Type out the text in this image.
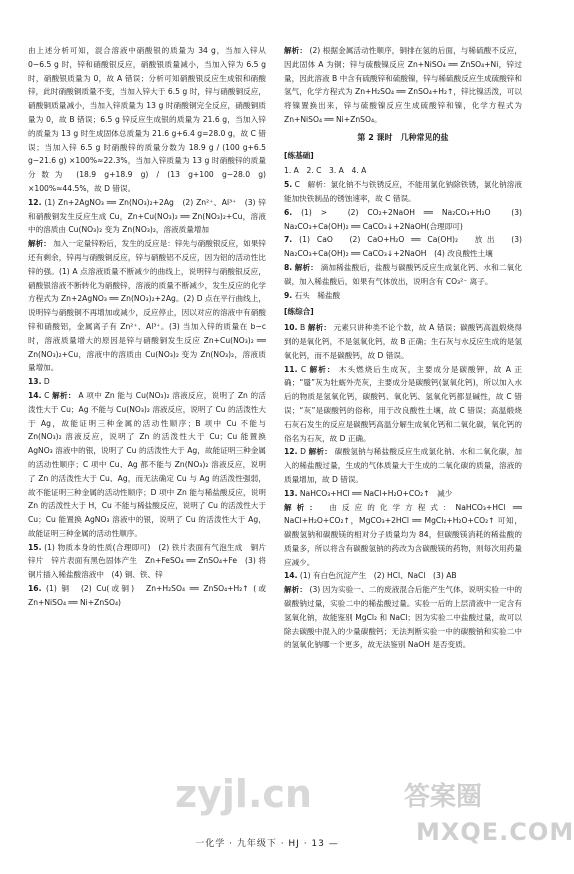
由上述分析可知，混合溶液中硝酸银的质量为 34 g，当加入锌从 0~6.5 g 时，锌和硝酸银反应，硝酸银质量减小，当加入锌为 6.5 g 时，硝酸银质量为 0，故 A 错误；分析可知硝酸银反应生成银和硝酸锌，此时硝酸铜质量不变，当加入锌大于 6.5 g 时，锌与硝酸铜反应，硝酸铜质量减小，当加入锌质量为 13 g 时硝酸铜完全反应，硝酸铜质量为 0，故 B 错误；6.5 g 锌反应生成银的质量为 21.6 g，当加入锌的质量为 13 g 时生成固体总质量为 21.6 g+6.4 g=28.0 g，故 C 错误；当加入锌 6.5 g 时硝酸锌的质量分数为 18.9 g / (100 g+6.5 g−21.6 g) ×100%≈22.3%，当加入锌质量为 13 g 时硝酸锌的质量分数为 (18.9 g+18.9 g) / (13 g+100 g−28.0 g) ×100%≈44.5%，故 D 错误。

12. (1) Zn+2AgNO₃ ══ Zn(NO₃)₂+2Ag　(2) Zn²⁺、Al³⁺　(3) 锌和硝酸铜发生反应生成 Cu，Zn+Cu(NO₃)₂ ══ Zn(NO₃)₂+Cu，溶液中的溶质由 Cu(NO₃)₂ 变为 Zn(NO₃)₂，溶液质量增加

解析： 加入一定量锌粉后，发生的反应是：锌先与硝酸银反应，如果锌还有剩余，锌再与硝酸铜反应，锌与硝酸铝不反应，因为铝的活动性比锌的强。(1) A 点溶液质量不断减少的曲线上，说明锌与硝酸银反应，硝酸银溶液不断转化为硝酸锌，溶液的质量不断减少，发生反应的化学方程式为 Zn+2AgNO₃ ══ Zn(NO₃)₂+2Ag。(2) D 点在平行曲线上，说明锌与硝酸铜不再增加或减少，反应停止，因以对应的溶液中有硝酸锌和硝酸铝，金属离子有 Zn²⁺、Al³⁺。(3) 当加入锌的质量在 b~c 时，溶液质量增大的原因是锌与硝酸铜发生反应 Zn+Cu(NO₃)₂ ══ Zn(NO₃)₂+Cu，溶液中的溶质由 Cu(NO₃)₂ 变为 Zn(NO₃)₂，溶液质量增加。

13. D

14. C 解析： A 项中 Zn 能与 Cu(NO₃)₂ 溶液反应，说明了 Zn 的活泼性大于 Cu；Ag 不能与 Cu(NO₃)₂ 溶液反应，说明了 Cu 的活泼性大于 Ag，故能证明三种金属的活动性顺序；B 项中 Cu 不能与 Zn(NO₃)₂ 溶液反应，说明了 Zn 的活泼性大于 Cu；Cu 能置换 AgNO₃ 溶液中的银，说明了 Cu 的活泼性大于 Ag，故能证明三种金属的活动性顺序；C 项中 Cu、Ag 都不能与 Zn(NO₃)₂ 溶液反应，说明了 Zn 的活泼性大于 Cu、Ag，而无法确定 Cu 与 Ag 的活泼性强弱，故不能证明三种金属的活动性顺序；D 项中 Zn 能与稀盐酸反应，说明 Zn 的活泼性大于 H，Cu 不能与稀盐酸反应，说明了 Cu 的活泼性大于 Cu；Cu 能置换 AgNO₃ 溶液中的银，说明了 Cu 的活泼性大于 Ag，故能证明三种金属的活动性顺序。

15. (1) 物质本身的性质(合理即可)　(2) 铁片表面有气泡生成　铜片　锌片　锌片表面有黑色固体产生　Zn+FeSO₄ ══ ZnSO₄+Fe　(3) 将铜片插入稀盐酸溶液中　(4) 铜、铁、锌

16. (1) 铜　(2) Cu(或铜)　Zn+H₂SO₄ ══ ZnSO₄+H₂↑ (或 Zn+NiSO₄ ══ Ni+ZnSO₄)

解析： (2) 根据金属活动性顺序，铜排在氢的后面，与稀硫酸不反应，因此固体 A 为铜；锌与硫酸镍反应 Zn+NiSO₄ ══ ZnSO₄+Ni，锌过量，因此溶液 B 中含有硫酸锌和硫酸镍，锌与稀硫酸反应生成硫酸锌和氢气，化学方程式为 Zn+H₂SO₄ ══ ZnSO₄+H₂↑，锌比镍活泼，可以将镍置换出来，锌与硫酸镍反应生成硫酸锌和镍，化学方程式为 Zn+NiSO₄ ══ Ni+ZnSO₄。

第 2 课时　几种常见的盐
[练基础]

1. A　2. C　3. A　4. A

5. C　解析：氯化钠不与铁锈反应，不能用氯化钠除铁锈，氯化钠溶液能加快铁制品的锈蚀速率，故 C 错误。

6. (1) >　(2) CO₂+2NaOH ══ Na₂CO₃+H₂O　(3) Na₂CO₃+Ca(OH)₂ ══ CaCO₃↓+2NaOH(合理即可)

7. (1) CaO　(2) CaO+H₂O ══ Ca(OH)₂　放出　(3) Na₂CO₃+Ca(OH)₂ ══ CaCO₃↓+2NaOH　(4) 改良酸性土壤

8. 解析： 滴加稀盐酸后，盐酸与碳酸钙反应生成氯化钙、水和二氧化碳，加入稀盐酸后，如果有气体放出，说明含有 CO₃²⁻ 离子。

9. 石头　稀盐酸

[练综合]

10. B 解析： 元素只讲种类不论个数，故 A 错误；碳酸钙高温煅烧得到的是氧化钙，不是氢氧化钙，故 B 正确；生石灰与水反应生成的是氢氧化钙，而不是碳酸钙，故 D 错误。

11. C 解析： 木头燃烧后生成灰，主要成分是碳酸钾，故 A 正确；“蜃”灰为牡蛎外壳灰，主要成分是碳酸钙(氯氧化钙)，所以加入水后的物质是氢氧化钙，碳酸钙、氧化钙、氢氧化钙都显碱性，故 C 错误；“灰”是碳酸钙的俗称，用于改良酸性土壤，故 C 错误；高温煅烧石灰石发生的反应是碳酸钙高温分解生成氧化钙和二氧化碳，氧化钙的俗名为石灰，故 D 正确。

12. D 解析： 碳酸氢钠与稀盐酸反应生成氯化钠、水和二氧化碳，加入的稀盐酸过量，生成的气体质量大于生成的二氧化碳的质量，溶液的质量增加，故 D 错误。

13. NaHCO₃+HCl ══ NaCl+H₂O+CO₂↑　减少

解析： 由反应的化学方程式：NaHCO₃+HCl ══ NaCl+H₂O+CO₂↑，MgCO₃+2HCl ══ MgCl₂+H₂O+CO₂↑ 可知，碳酸氢钠和碳酸镁的相对分子质量均为 84，但碳酸镁消耗的稀盐酸的质量多，所以将含有碳酸氢钠的药改为含碳酸镁的药物，则每次用药量应减少。

14. (1) 有白色沉淀产生　(2) HCl、NaCl　(3) AB

解析： (3) 因为实验一、二的废液混合后能产生气体，说明实验一中的碳酸钠过量，实验二中的稀盐酸过量。实验一后的上层清液中一定含有氢氧化钠，故能鉴别 MgCl₂ 和 NaCl；因为实验二中盐酸过量，故可以除去碳酸中混入的少量碳酸钙；无法判断实验一中的碳酸钠和实验二中的氢氧化钠哪一个更多，故无法鉴别 NaOH 是否变质。

zyjl.cn	答案圈
MXQE.COM
一化学 · 九年级下 · HJ · 13 —
